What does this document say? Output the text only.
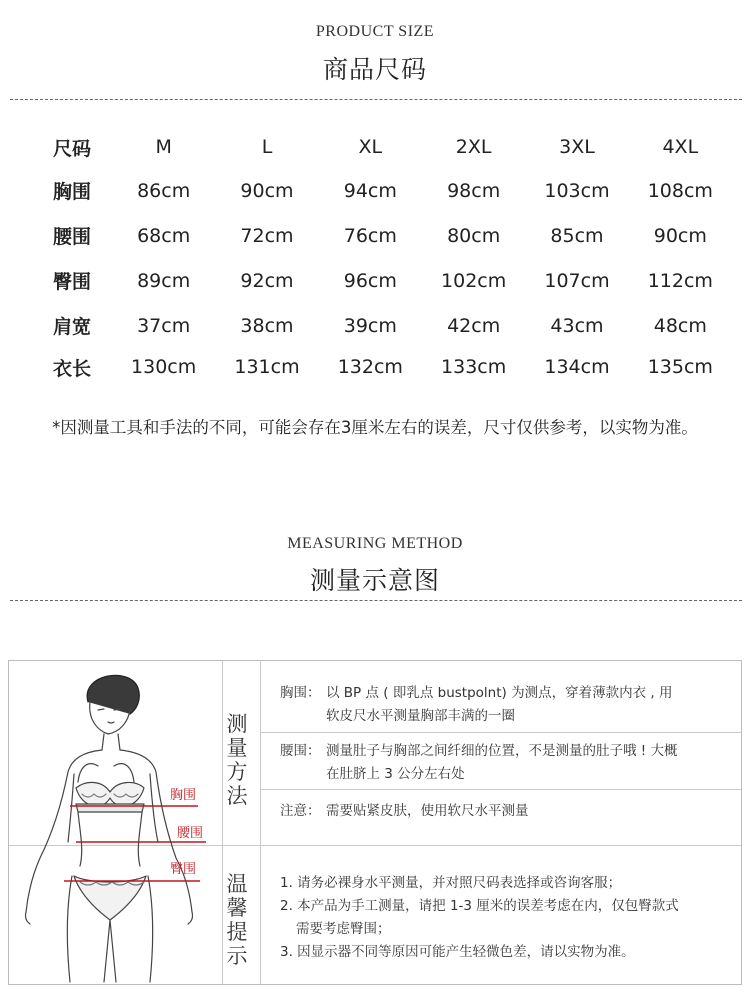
PRODUCT SIZE
商品尺码
尺码	M	L	XL	2XL	3XL	4XL
胸围	86cm	90cm	94cm	98cm	103cm	108cm
腰围	68cm	72cm	76cm	80cm	85cm	90cm
臀围	89cm	92cm	96cm	102cm	107cm	112cm
肩宽	37cm	38cm	39cm	42cm	43cm	48cm
衣长	130cm	131cm	132cm	133cm	134cm	135cm
*因测量工具和手法的不同，可能会存在3厘米左右的误差，尺寸仅供参考，以实物为准。
MEASURING METHOD
测量示意图
测
量
方
法
温
馨
提
示
胸围
腰围
臀围
胸围： 以 BP 点 ( 即乳点 bustpolnt) 为测点，穿着薄款内衣 , 用
软皮尺水平测量胸部丰满的一圈
腰围： 测量肚子与胸部之间纤细的位置，不是测量的肚子哦 ! 大概
在肚脐上 3 公分左右处
注意： 需要贴紧皮肤，使用软尺水平测量
1. 请务必裸身水平测量，并对照尺码表选择或咨询客服；
2. 本产品为手工测量，请把 1-3 厘米的误差考虑在内，仅包臀款式
需要考虑臀围；
3. 因显示器不同等原因可能产生轻微色差，请以实物为准。
